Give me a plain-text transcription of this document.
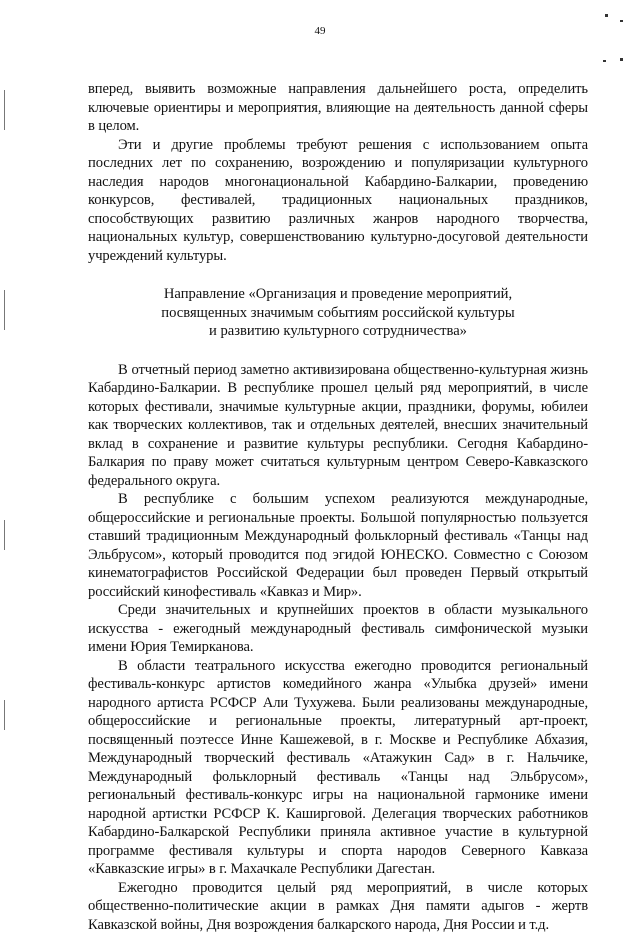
49

вперед, выявить возможные направления дальнейшего роста, определить ключевые ориентиры и мероприятия, влияющие на деятельность данной сферы в целом.

Эти и другие проблемы требуют решения с использованием опыта последних лет по сохранению, возрождению и популяризации культурного наследия народов многонациональной Кабардино-Балкарии, проведению конкурсов, фестивалей, традиционных национальных праздников, способствующих развитию различных жанров народного творчества, национальных культур, совершенствованию культурно-досуговой деятельности учреждений культуры.

Направление «Организация и проведение мероприятий,
посвященных значимым событиям российской культуры
и развитию культурного сотрудничества»

В отчетный период заметно активизирована общественно-культурная жизнь Кабардино-Балкарии. В республике прошел целый ряд мероприятий, в числе которых фестивали, значимые культурные акции, праздники, форумы, юбилеи как творческих коллективов, так и отдельных деятелей, внесших значительный вклад в сохранение и развитие культуры республики. Сегодня Кабардино-Балкария по праву может считаться культурным центром Северо-Кавказского федерального округа.

В республике с большим успехом реализуются международные, общероссийские и региональные проекты. Большой популярностью пользуется ставший традиционным Международный фольклорный фестиваль «Танцы над Эльбрусом», который проводится под эгидой ЮНЕСКО. Совместно с Союзом кинематографистов Российской Федерации был проведен Первый открытый российский кинофестиваль «Кавказ и Мир».

Среди значительных и крупнейших проектов в области музыкального искусства - ежегодный международный фестиваль симфонической музыки имени Юрия Темирканова.

В области театрального искусства ежегодно проводится региональный фестиваль-конкурс артистов комедийного жанра «Улыбка друзей» имени народного артиста РСФСР Али Тухужева. Были реализованы международные, общероссийские и региональные проекты, литературный арт-проект, посвященный поэтессе Инне Кашежевой, в г. Москве и Республике Абхазия, Международный творческий фестиваль «Атажукин Сад» в г. Нальчике, Международный фольклорный фестиваль «Танцы над Эльбрусом», региональный фестиваль-конкурс игры на национальной гармонике имени народной артистки РСФСР К. Каширговой. Делегация творческих работников Кабардино-Балкарской Республики приняла активное участие в культурной программе фестиваля культуры и спорта народов Северного Кавказа «Кавказские игры» в г. Махачкале Республики Дагестан.

Ежегодно проводится целый ряд мероприятий, в числе которых общественно-политические акции в рамках Дня памяти адыгов - жертв Кавказской войны, Дня возрождения балкарского народа, Дня России и т.д.
